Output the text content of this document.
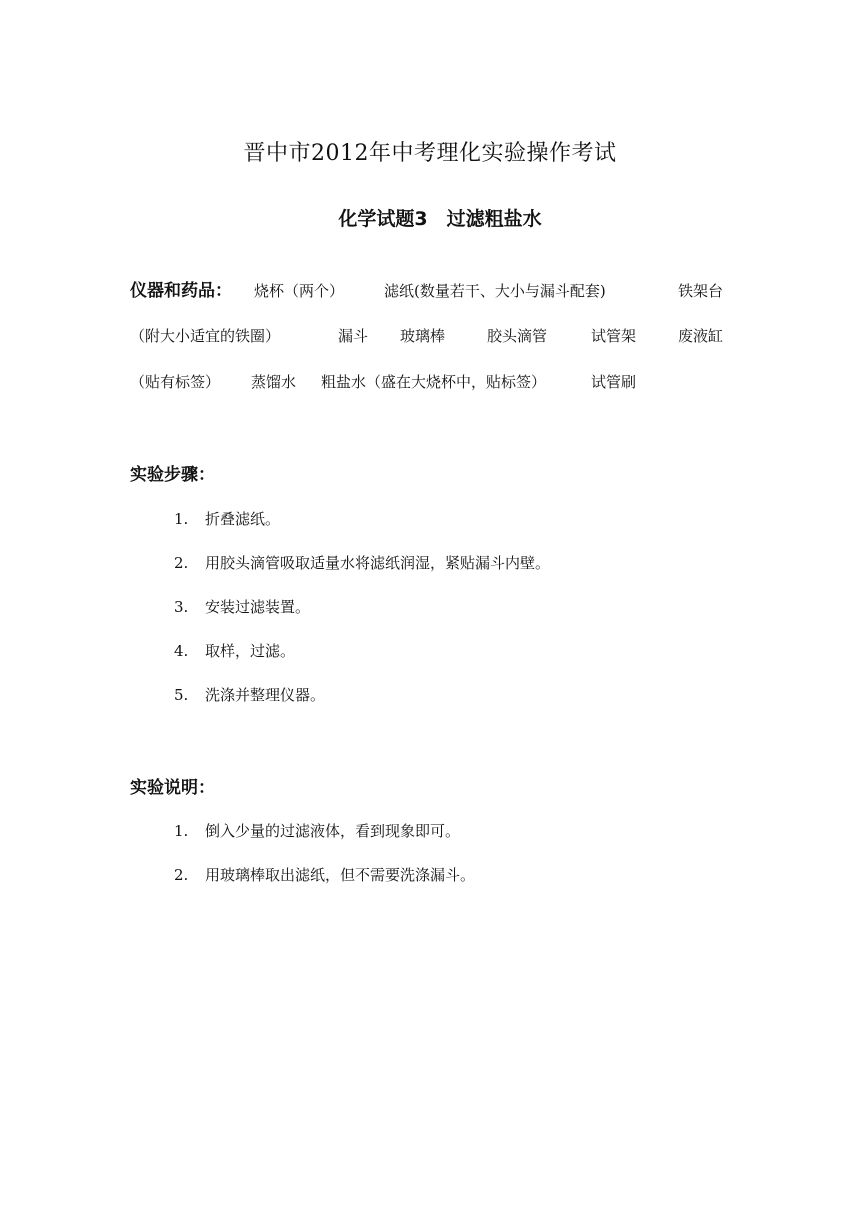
晋中市2012年中考理化实验操作考试
化学试题3　过滤粗盐水
仪器和药品： 烧杯（两个）	滤纸(数量若干、大小与漏斗配套)	铁架台
（附大小适宜的铁圈）	漏斗 玻璃棒	胶头滴管	试管架	废液缸
（贴有标签） 蒸馏水 粗盐水（盛在大烧杯中，贴标签）	试管刷
实验步骤：
1. 折叠滤纸。
2. 用胶头滴管吸取适量水将滤纸润湿，紧贴漏斗内壁。
3. 安装过滤装置。
4. 取样，过滤。
5. 洗涤并整理仪器。
实验说明：
1. 倒入少量的过滤液体，看到现象即可。
2. 用玻璃棒取出滤纸，但不需要洗涤漏斗。
